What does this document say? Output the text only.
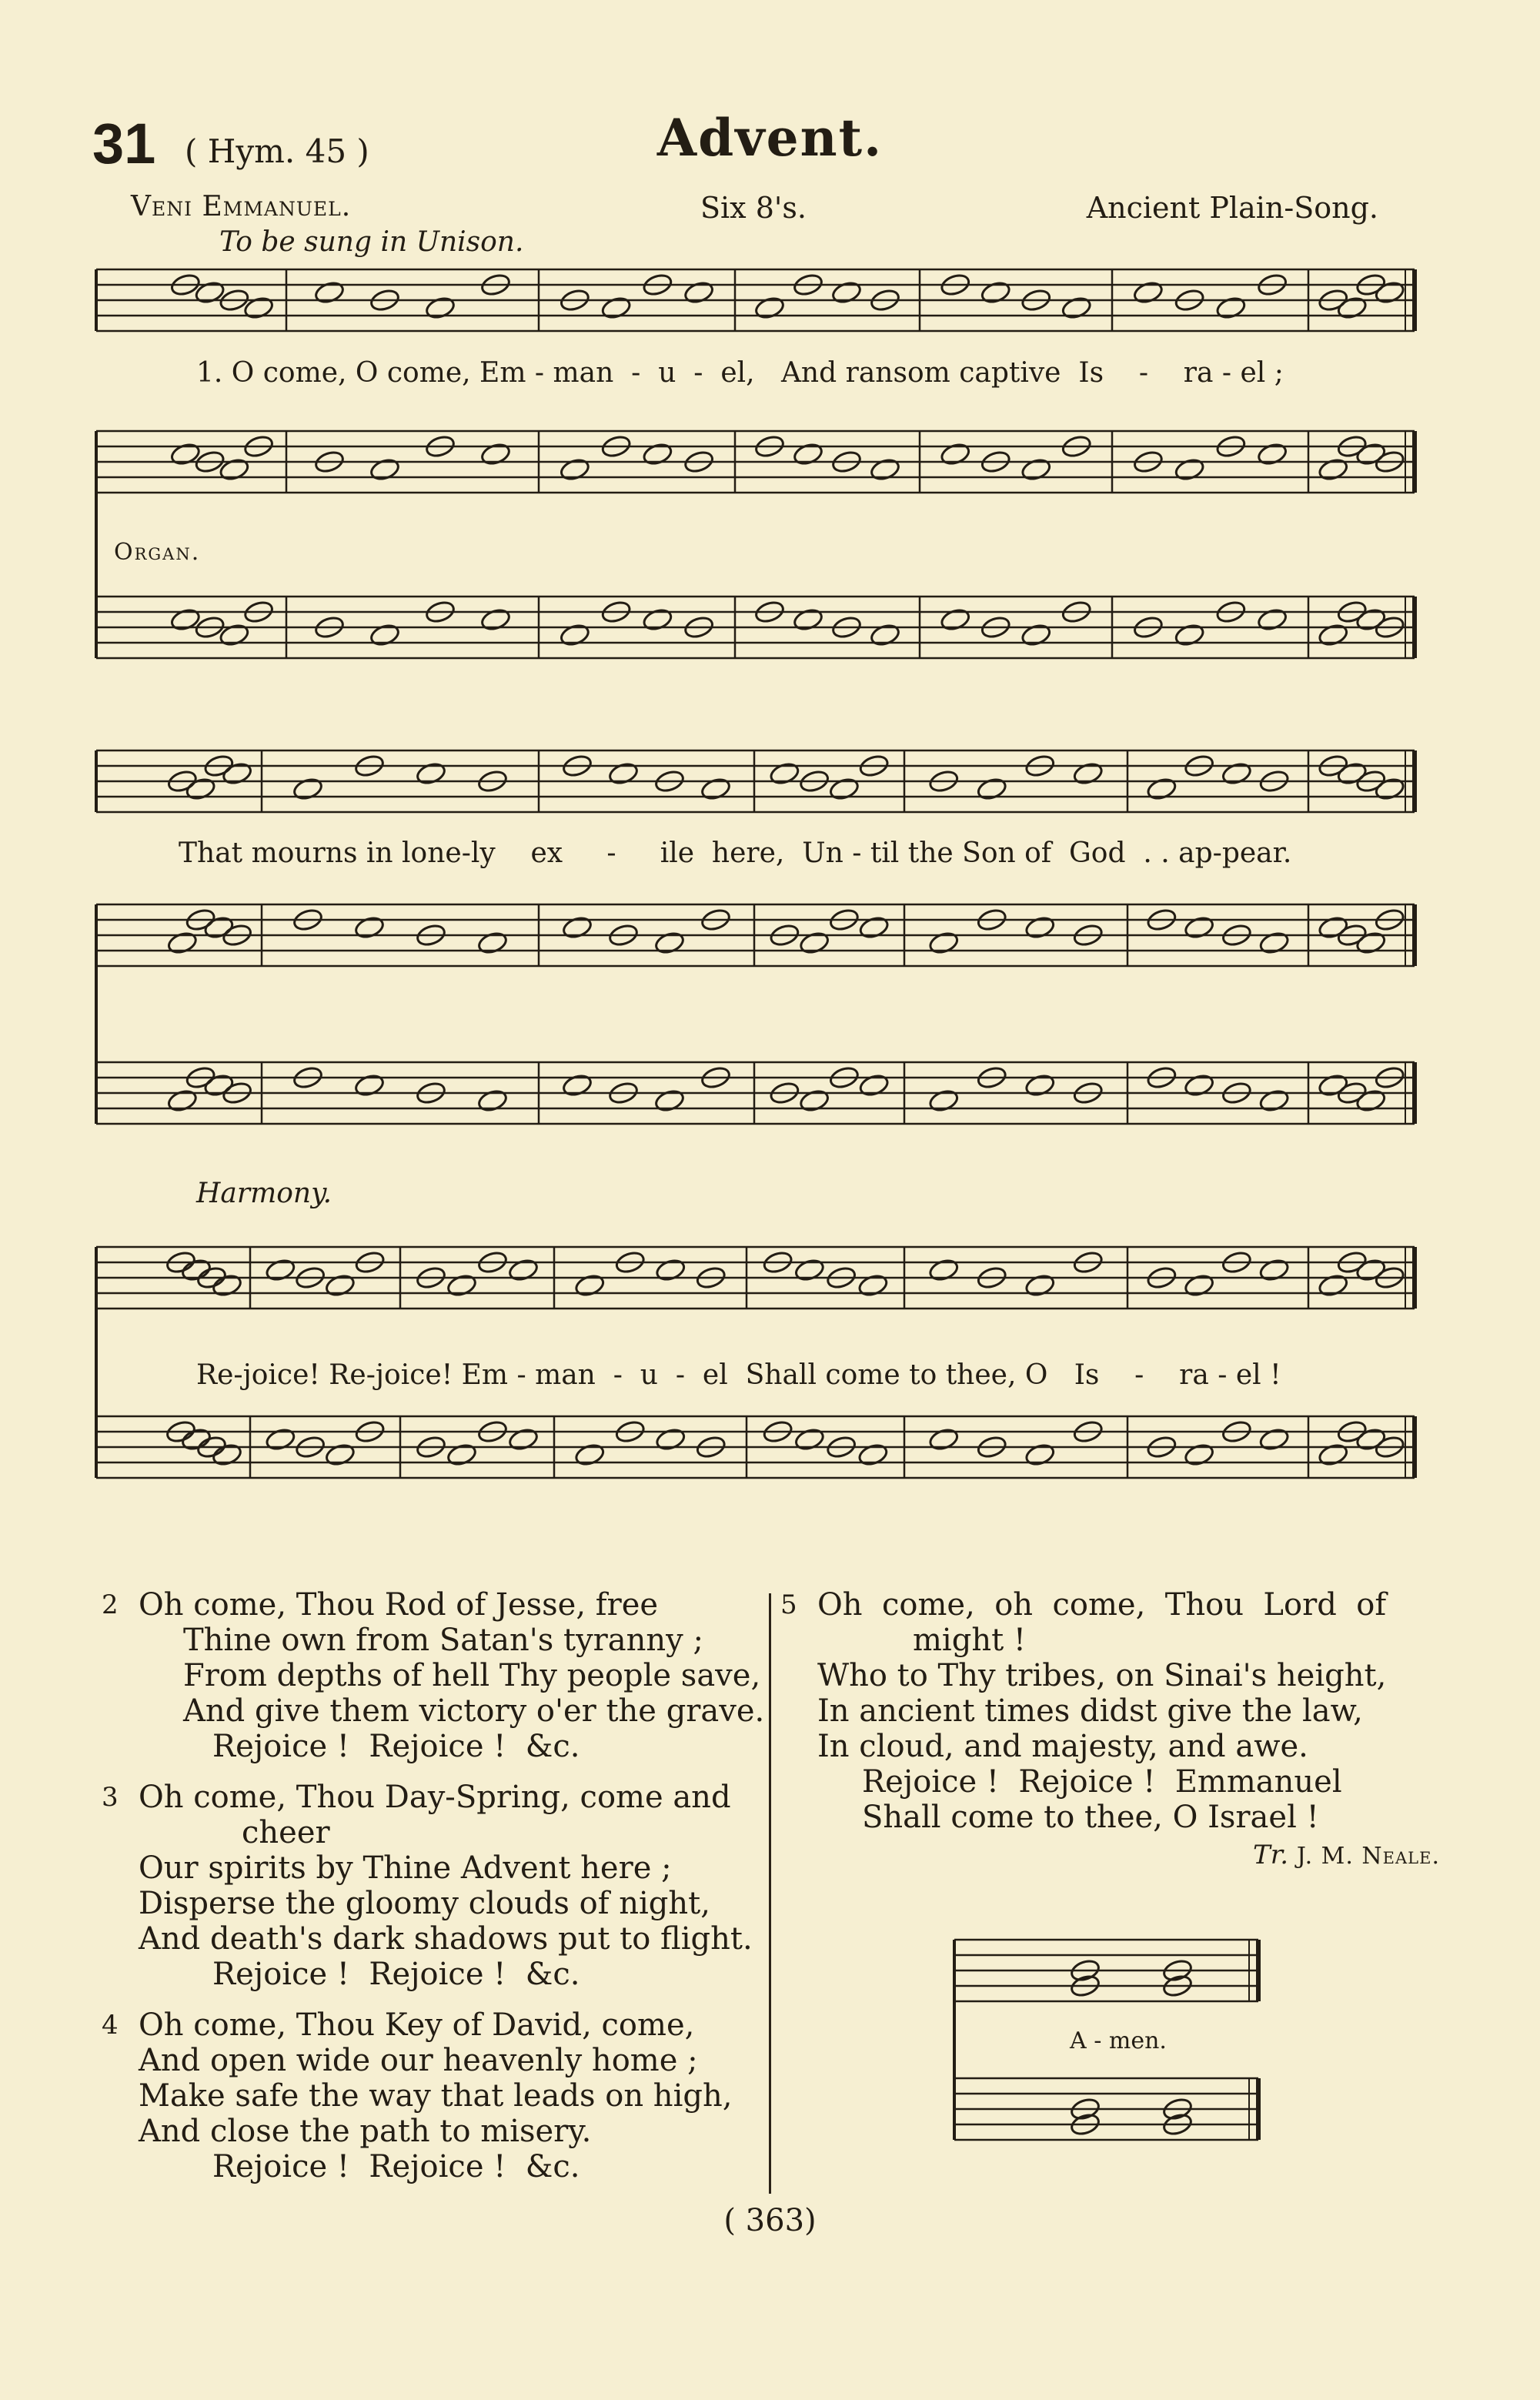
31 ( Hym. 45 )	Advent.
Veni Emmanuel.	Six 8's.	Ancient Plain-Song.
To be sung in Unison.
Organ.
Harmony.
1. O come, O come, Em - man  -  u  -  el,   And ransom captive  Is    -    ra - el ;
That mourns in lone-ly    ex     -     ile  here,  Un - til the Son of  God  . . ap-pear.
Re-joice! Re-joice! Em - man  -  u  -  el  Shall come to thee, O   Is    -    ra - el !
2 Oh come, Thou Rod of Jesse, free
Thine own from Satan's tyranny ;
From depths of hell Thy people save,
And give them victory o'er the grave.
Rejoice !  Rejoice !  &c.
3 Oh come, Thou Day-Spring, come and
cheer
Our spirits by Thine Advent here ;
Disperse the gloomy clouds of night,
And death's dark shadows put to flight.
Rejoice !  Rejoice !  &c.
4 Oh come, Thou Key of David, come,
And open wide our heavenly home ;
Make safe the way that leads on high,
And close the path to misery.
Rejoice !  Rejoice !  &c.
5 Oh  come,  oh  come,  Thou  Lord  of
might !
Who to Thy tribes, on Sinai's height,
In ancient times didst give the law,
In cloud, and majesty, and awe.
Rejoice !  Rejoice !  Emmanuel
Shall come to thee, O Israel !
Tr. J. M. Neale.
A - men.
( 363)
